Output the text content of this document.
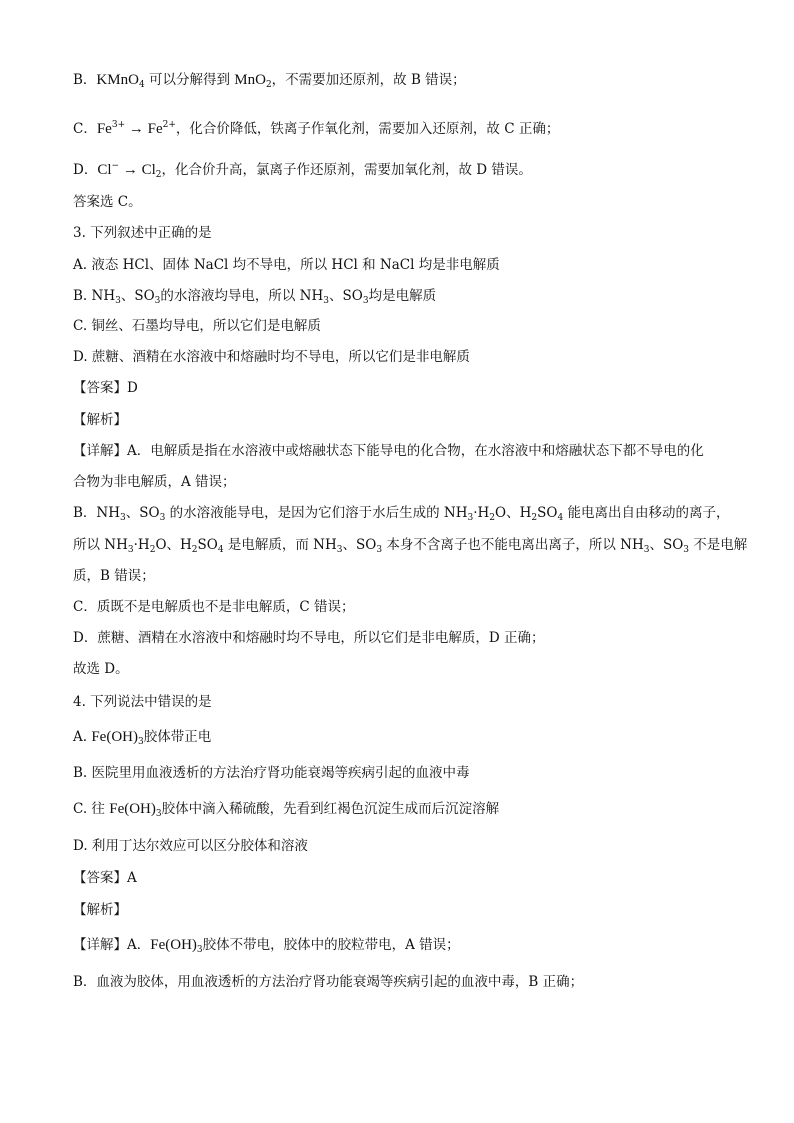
B．KMnO$_4$ 可以分解得到 MnO$_2$，不需要加还原剂，故 B 错误；
C．$Fe^{3+} \to Fe^{2+}$，化合价降低，铁离子作氧化剂，需要加入还原剂，故 C 正确；
D．$Cl^- \to Cl_2$，化合价升高，氯离子作还原剂，需要加氧化剂，故 D 错误。
答案选 C。
3. 下列叙述中正确的是
A. 液态 HCl、固体 NaCl 均不导电，所以 HCl 和 NaCl 均是非电解质
B. $NH_3$、$SO_3$的水溶液均导电，所以 $NH_3$、$SO_3$均是电解质
C. 铜丝、石墨均导电，所以它们是电解质
D. 蔗糖、酒精在水溶液中和熔融时均不导电，所以它们是非电解质
【答案】D
【解析】
【详解】A．电解质是指在水溶液中或熔融状态下能导电的化合物，在水溶液中和熔融状态下都不导电的化
合物为非电解质，A 错误；
B．$NH_3$、$SO_3$ 的水溶液能导电，是因为它们溶于水后生成的 $NH_3\cdot H_2O$、$H_2SO_4$ 能电离出自由移动的离子，
所以 $NH_3\cdot H_2O$、$H_2SO_4$ 是电解质，而 $NH_3$、$SO_3$ 本身不含离子也不能电离出离子，所以 $NH_3$、$SO_3$ 不是电解
质，B 错误；
C．质既不是电解质也不是非电解质，C 错误；
D．蔗糖、酒精在水溶液中和熔融时均不导电，所以它们是非电解质，D 正确；
故选 D。
4. 下列说法中错误的是
A. $Fe(OH)_3$胶体带正电
B. 医院里用血液透析的方法治疗肾功能衰竭等疾病引起的血液中毒
C. 往 $Fe(OH)_3$胶体中滴入稀硫酸，先看到红褐色沉淀生成而后沉淀溶解
D. 利用丁达尔效应可以区分胶体和溶液
【答案】A
【解析】
【详解】A．$Fe(OH)_3$胶体不带电，胶体中的胶粒带电，A 错误；
B．血液为胶体，用血液透析的方法治疗肾功能衰竭等疾病引起的血液中毒，B 正确；
